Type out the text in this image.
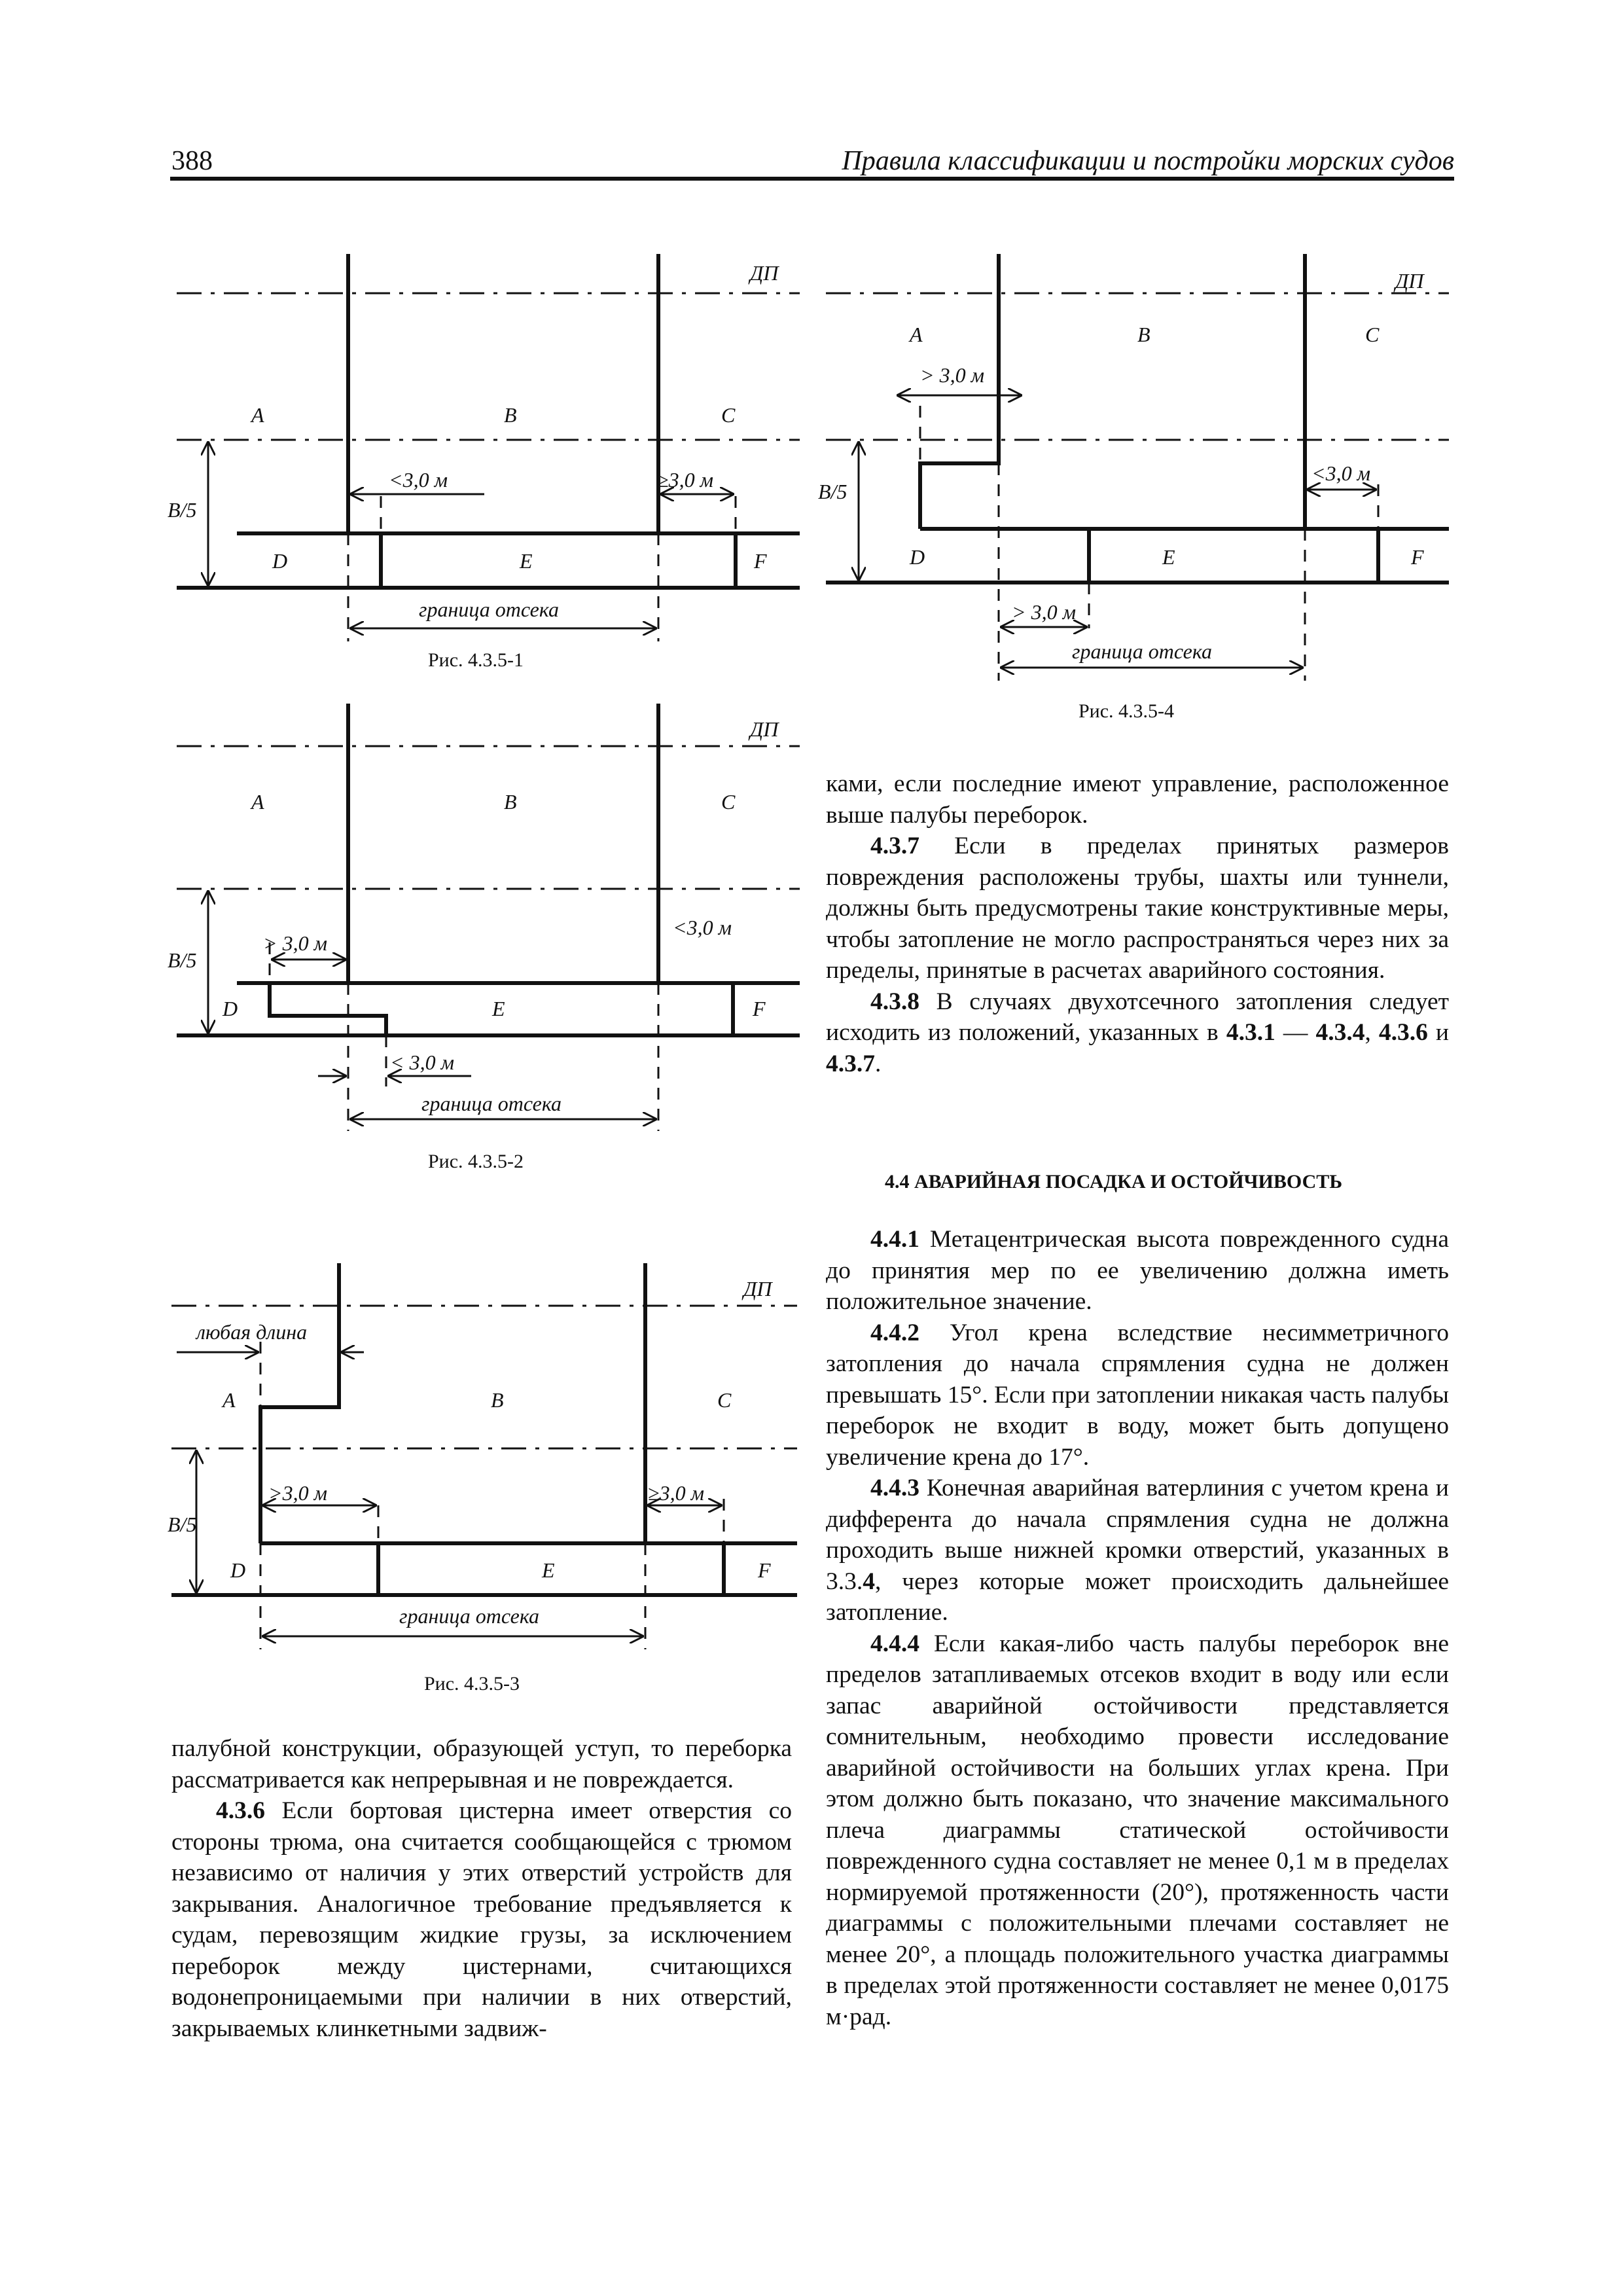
388	Правила классификации и постройки морских судов
ДП
A	B	C
B/5
D	E	F
<3,0 м	≥3,0 м
граница отсека
Рис. 4.3.5-1
ДП
A	B	C
B/5
<3,0 м
> 3,0 м
D	E	F
< 3,0 м
граница отсека
Рис. 4.3.5-2
ДП
любая длина
A	B	C
B/5
>3,0 м	≥3,0 м
D	E	F
граница отсека
Рис. 4.3.5-3
ДП
A	B	C
> 3,0 м
B/5
<3,0 м
D	E	F
> 3,0 м
граница отсека
Рис. 4.3.5-4

палубной конструкции, образующей уступ, то переборка рассматривается как непрерывная и не повреждается.

4.3.6 Если бортовая цистерна имеет отверстия со стороны трюма, она считается сообщающейся с трюмом независимо от наличия у этих отверстий устройств для закрывания. Аналогичное требование предъявляется к судам, перевозящим жидкие грузы, за исключением переборок между цистернами, считающихся водонепроницаемыми при наличии в них отверстий, закрываемых клинкетными задвиж-

ками, если последние имеют управление, расположенное выше палубы переборок.

4.3.7 Если в пределах принятых размеров повреждения расположены трубы, шахты или туннели, должны быть предусмотрены такие конструктивные меры, чтобы затопление не могло распространяться через них за пределы, принятые в расчетах аварийного состояния.

4.3.8 В случаях двухотсечного затопления следует исходить из положений, указанных в 4.3.1 — 4.3.4, 4.3.6 и 4.3.7.

4.4 АВАРИЙНАЯ ПОСАДКА И ОСТОЙЧИВОСТЬ

4.4.1 Метацентрическая высота поврежденного судна до принятия мер по ее увеличению должна иметь положительное значение.

4.4.2 Угол крена вследствие несимметричного затопления до начала спрямления судна не должен превышать 15°. Если при затоплении никакая часть палубы переборок не входит в воду, может быть допущено увеличение крена до 17°.

4.4.3 Конечная аварийная ватерлиния с учетом крена и дифферента до начала спрямления судна не должна проходить выше нижней кромки отверстий, указанных в 3.3.4, через которые может происходить дальнейшее затопление.

4.4.4 Если какая-либо часть палубы переборок вне пределов затапливаемых отсеков входит в воду или если запас аварийной остойчивости представляется сомнительным, необходимо провести исследование аварийной остойчивости на больших углах крена. При этом должно быть показано, что значение максимального плеча диаграммы статической остойчивости поврежденного судна составляет не менее 0,1 м в пределах нормируемой протяженности (20°), протяженность части диаграммы с положительными плечами составляет не менее 20°, а площадь положительного участка диаграммы в пределах этой протяженности составляет не менее 0,0175 м·рад.
